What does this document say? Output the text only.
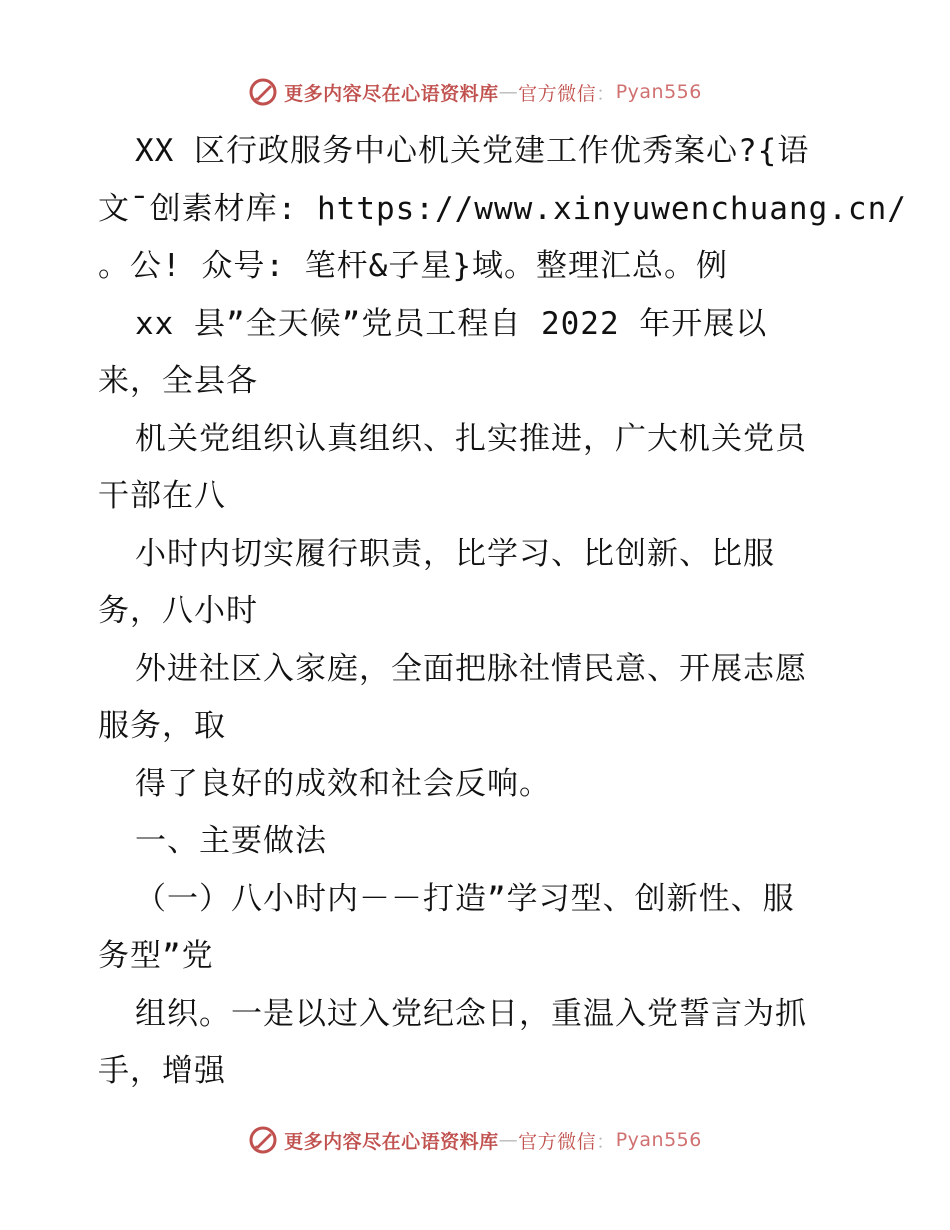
更多内容尽在心语资料库 — 官方微信 ： Pyan556
XX 区行政服务中心机关党建工作优秀案心?{语
文¯创素材库: https://www.xinyuwenchuang.cn/
。公! 众号: 笔杆&子星}域。整理汇总。例
xx 县”全天候”党员工程自 2022 年开展以
来，全县各
机关党组织认真组织、扎实推进，广大机关党员
干部在八
小时内切实履行职责，比学习、比创新、比服
务，八小时
外进社区入家庭，全面把脉社情民意、开展志愿
服务，取
得了良好的成效和社会反响。
一、主要做法
（一）八小时内－－打造”学习型、创新性、服
务型”党
组织。一是以过入党纪念日，重温入党誓言为抓
手，增强
更多内容尽在心语资料库 — 官方微信 ： Pyan556
